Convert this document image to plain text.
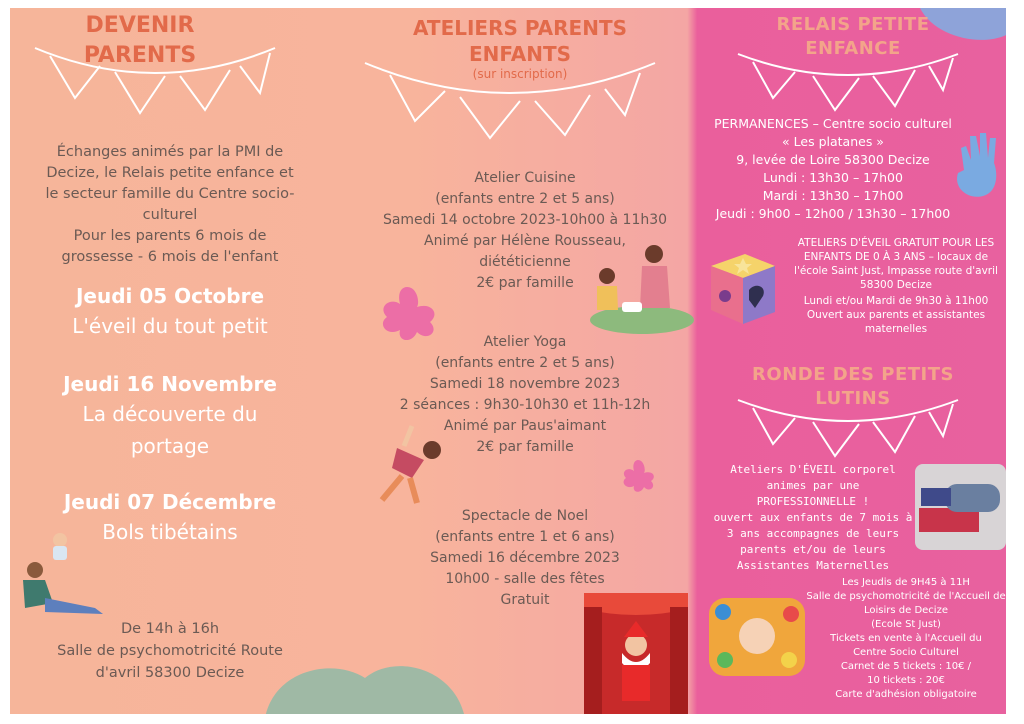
DEVENIR
PARENTS
Échanges animés par la PMI de
Decize, le Relais petite enfance et
le secteur famille du Centre socio-
culturel
Pour les parents 6 mois de
grossesse - 6 mois de l'enfant
Jeudi 05 Octobre
L'éveil du tout petit
Jeudi 16 Novembre
La découverte du
portage
Jeudi 07 Décembre
Bols tibétains
De 14h à 16h
Salle de psychomotricité Route
d'avril 58300 Decize
ATELIERS PARENTS
ENFANTS
(sur inscription)
Atelier Cuisine
(enfants entre 2 et 5 ans)
Samedi 14 octobre 2023-10h00 à 11h30
Animé par Hélène Rousseau,
diététicienne
2€ par famille
Atelier Yoga
(enfants entre 2 et 5 ans)
Samedi 18 novembre 2023
2 séances : 9h30-10h30 et 11h-12h
Animé par Paus'aimant
2€ par famille
Spectacle de Noel
(enfants entre 1 et 6 ans)
Samedi 16 décembre 2023
10h00 - salle des fêtes
Gratuit
RELAIS PETITE
ENFANCE
PERMANENCES – Centre socio culturel
« Les platanes »
9, levée de Loire 58300 Decize
Lundi : 13h30 – 17h00
Mardi : 13h30 – 17h00
Jeudi : 9h00 – 12h00 / 13h30 – 17h00
ATELIERS D'ÉVEIL GRATUIT POUR LES
ENFANTS DE 0 À 3 ANS – locaux de
l'école Saint Just, Impasse route d'avril
58300 Decize
Lundi et/ou Mardi de 9h30 à 11h00
Ouvert aux parents et assistantes
maternelles
RONDE DES PETITS
LUTINS
Ateliers D'ÉVEIL corporel
animes par une
PROFESSIONNELLE !
ouvert aux enfants de 7 mois à
3 ans accompagnes de leurs
parents et/ou de leurs
Assistantes Maternelles
Les Jeudis de 9H45 à 11H
Salle de psychomotricité de l'Accueil de
Loisirs de Decize
(Ecole St Just)
Tickets en vente à l'Accueil du
Centre Socio Culturel
Carnet de 5 tickets : 10€ /
10 tickets : 20€
Carte d'adhésion obligatoire
